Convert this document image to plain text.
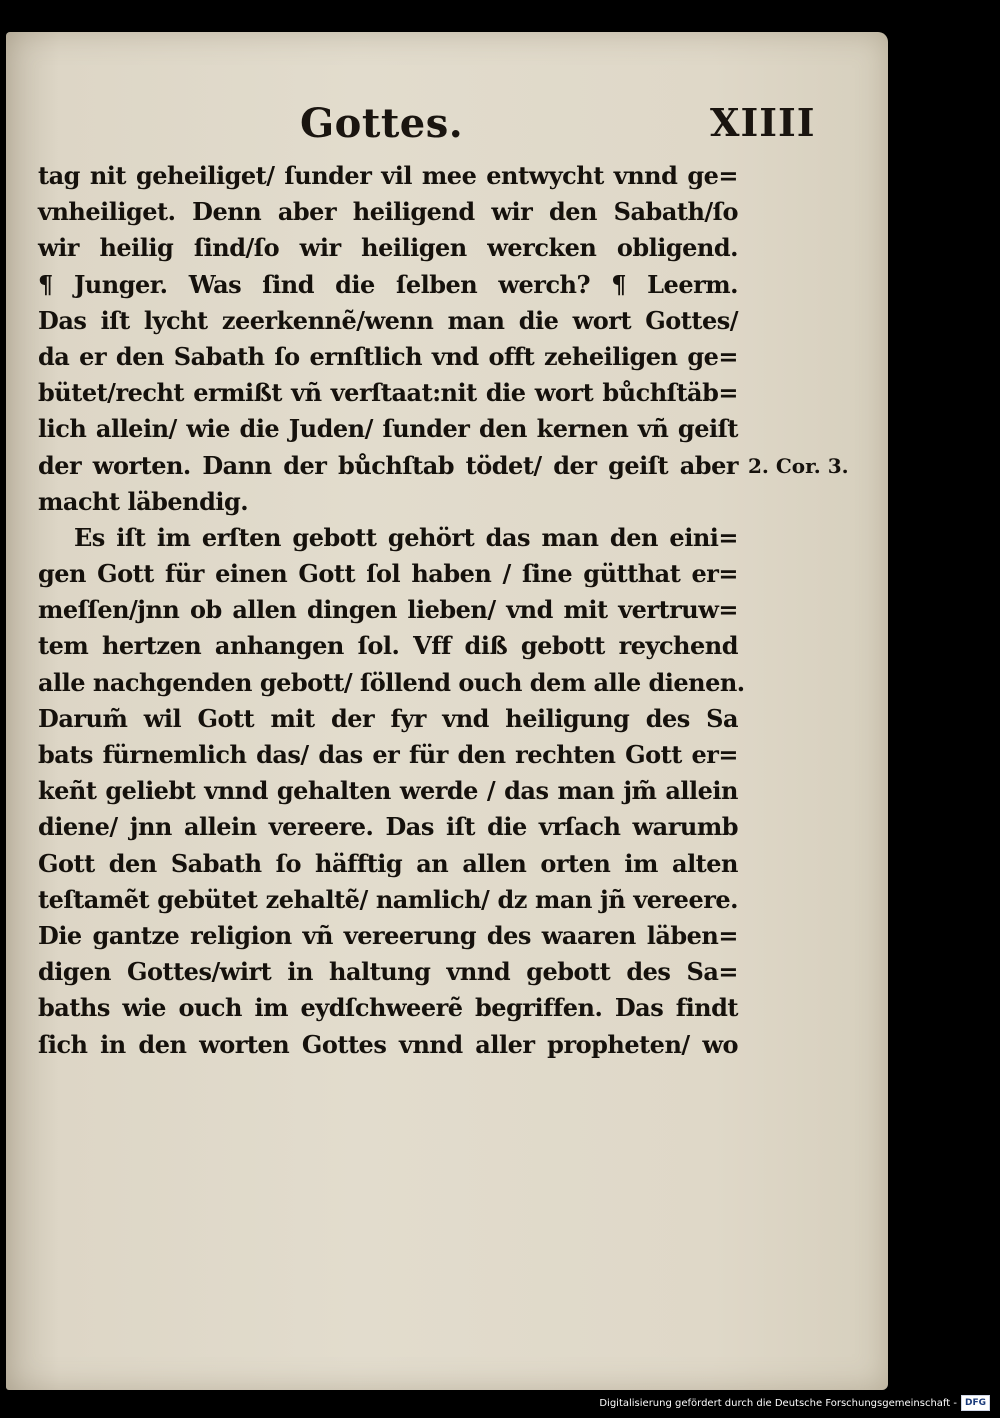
Gottes.	XIIII
tag nit geheiliget/ ſunder vil mee entwycht vnnd ge=
vnheiliget. Denn aber heiligend wir den Sabath/ſo
wir heilig ſind/ſo wir heiligen wercken obligend.
¶ Junger. Was ſind die ſelben werch? ¶ Leerm.
Das iſt lycht zeerkennẽ/wenn man die wort Gottes/
da er den Sabath ſo ernſtlich vnd offt zeheiligen ge=
bütet/recht ermißt vñ verſtaat:nit die wort bůchſtäb=
lich allein/ wie die Juden/ ſunder den kernen vñ geiſt
der worten. Dann der bůchſtab tödet/ der geiſt aber
macht läbendig.
Es iſt im erſten gebott gehört das man den eini=
gen Gott für einen Gott ſol haben / ſine gütthat er=
meſſen/jnn ob allen dingen lieben/ vnd mit vertruw=
tem hertzen anhangen ſol. Vff diß gebott reychend
alle nachgenden gebott/ ſöllend ouch dem alle dienen.
Darum̃ wil Gott mit der fyr vnd heiligung des Sa
bats fürnemlich das/ das er für den rechten Gott er=
keñt geliebt vnnd gehalten werde / das man jm̃ allein
diene/ jnn allein vereere. Das iſt die vrſach warumb
Gott den Sabath ſo häfftig an allen orten im alten
teſtamẽt gebütet zehaltẽ/ namlich/ dz man jñ vereere.
Die gantze religion vñ vereerung des waaren läben=
digen Gottes/wirt in haltung vnnd gebott des Sa=
baths wie ouch im eydſchweerẽ begriffen. Das findt
ſich in den worten Gottes vnnd aller propheten/ wo
2. Cor. 3.
Digitalisierung gefördert durch die Deutsche Forschungsgemeinschaft - DFG
